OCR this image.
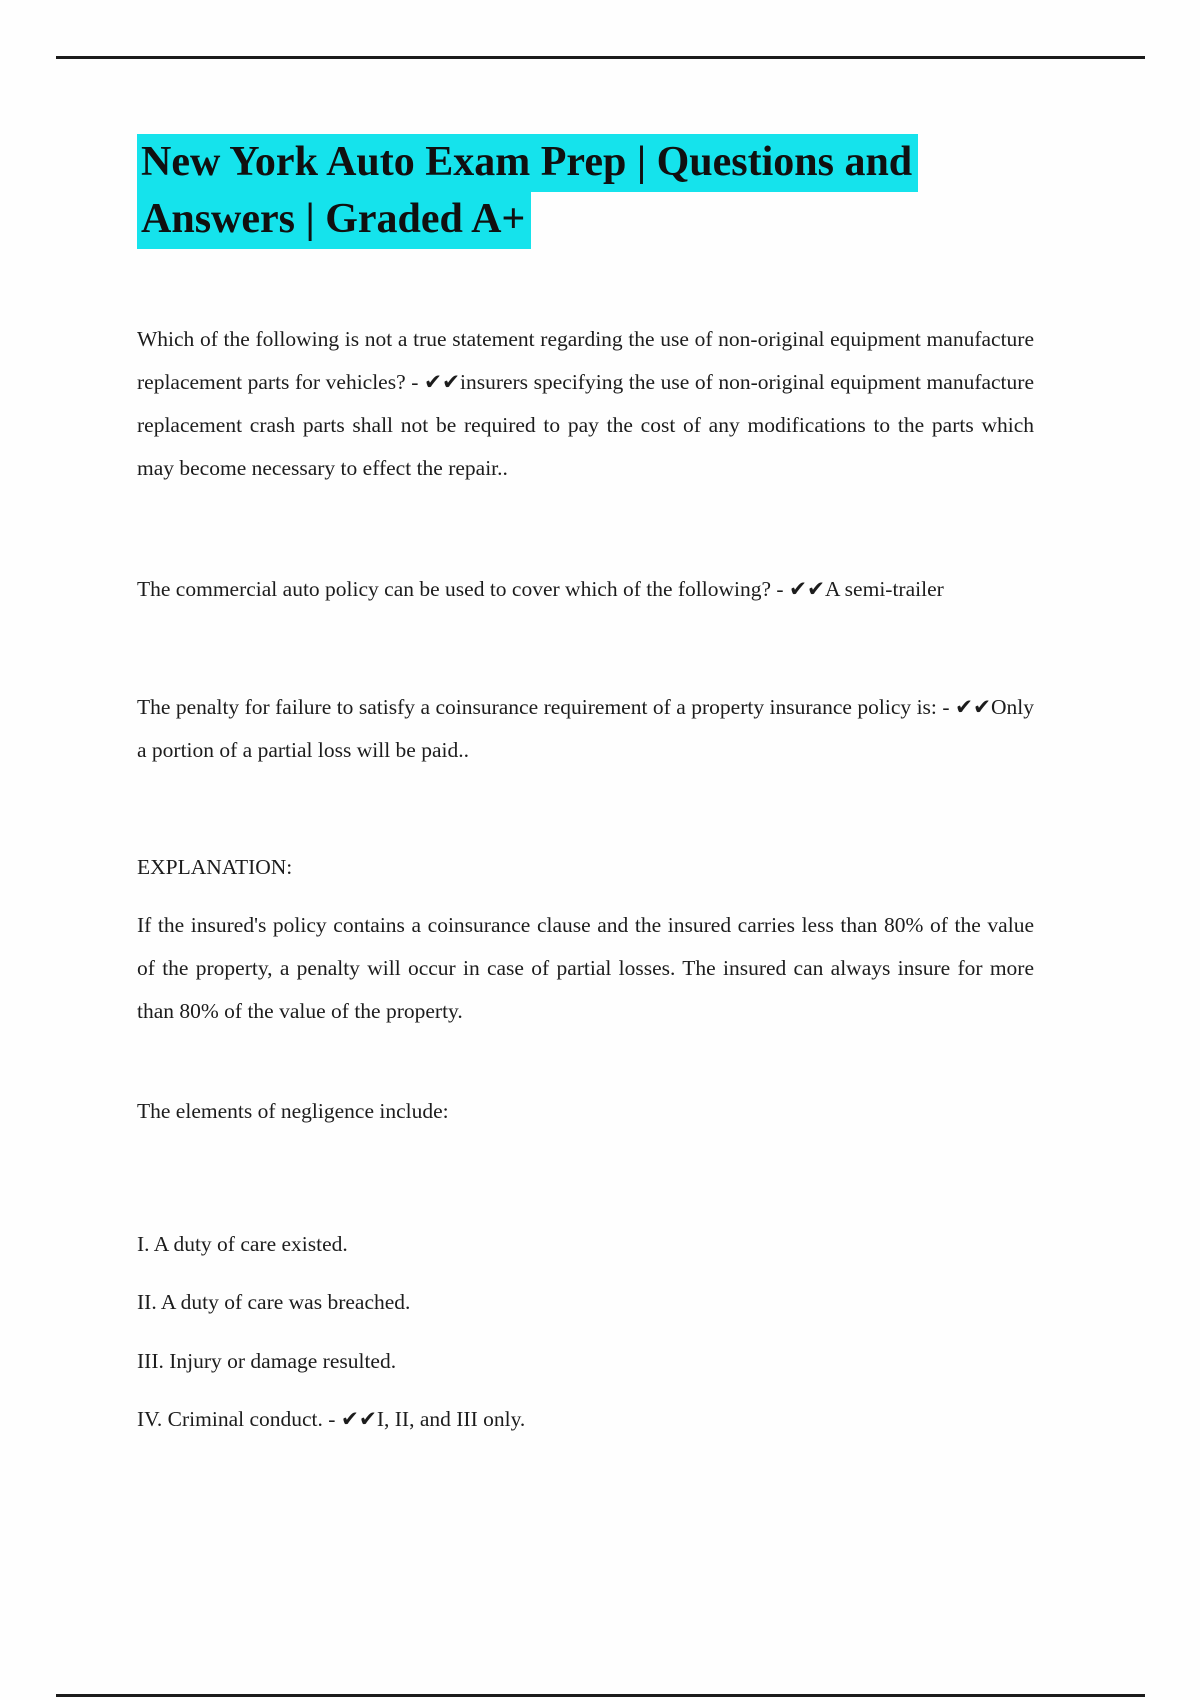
New York Auto Exam Prep | Questions and
Answers | Graded A+

Which of the following is not a true statement regarding the use of non-original equipment manufacture replacement parts for vehicles? - ✔✔insurers specifying the use of non-original equipment manufacture replacement crash parts shall not be required to pay the cost of any modifications to the parts which may become necessary to effect the repair..

The commercial auto policy can be used to cover which of the following? - ✔✔A semi-trailer

The penalty for failure to satisfy a coinsurance requirement of a property insurance policy is: - ✔✔Only a portion of a partial loss will be paid..

EXPLANATION:

If the insured's policy contains a coinsurance clause and the insured carries less than 80% of the value of the property, a penalty will occur in case of partial losses. The insured can always insure for more than 80% of the value of the property.

The elements of negligence include:

I. A duty of care existed.

II. A duty of care was breached.

III. Injury or damage resulted.

IV. Criminal conduct. - ✔✔I, II, and III only.
